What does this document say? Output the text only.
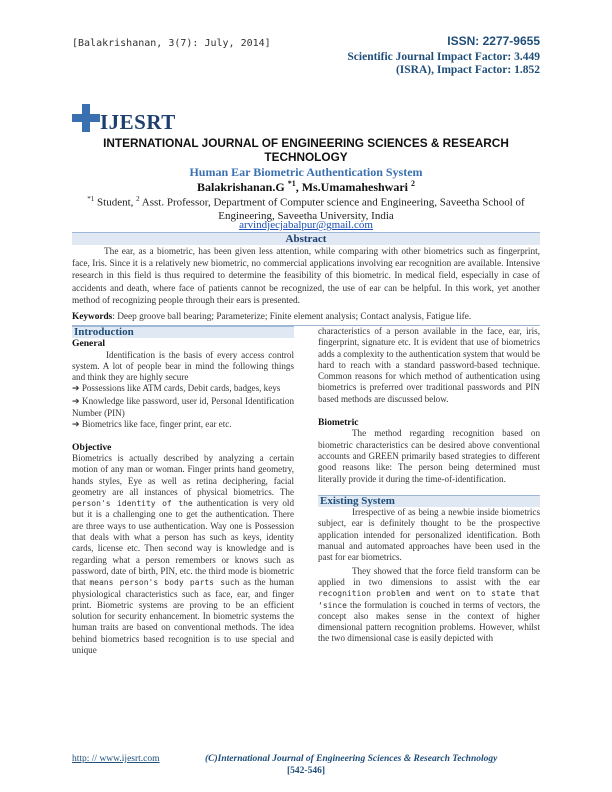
[Balakrishanan, 3(7): July, 2014]	ISSN: 2277-9655
Scientific Journal Impact Factor: 3.449
(ISRA), Impact Factor: 1.852
IJESRT
INTERNATIONAL JOURNAL OF ENGINEERING SCIENCES & RESEARCH TECHNOLOGY
Human Ear Biometric Authentication System
Balakrishanan.G $^{*1}$, Ms.Umamaheshwari $^2$
$^{*1}$ Student, $^2$ Asst. Professor, Department of Computer science and Engineering, Saveetha School of Engineering, Saveetha University, India
arvindjecjabalpur@gmail.com
Abstract
The ear, as a biometric, has been given less attention, while comparing with other biometrics such as fingerprint, face, Iris. Since it is a relatively new biometric, no commercial applications involving ear recognition are available. Intensive research in this field is thus required to determine the feasibility of this biometric. In medical field, especially in case of accidents and death, where face of patients cannot be recognized, the use of ear can be helpful. In this work, yet another method of recognizing people through their ears is presented.
Keywords: Deep groove ball bearing; Parameterize; Finite element analysis; Contact analysis, Fatigue life.
Introduction
General

Identification is the basis of every access control system. A lot of people bear in mind the following things and think they are highly secure

➔ Possessions like ATM cards, Debit cards, badges, keys

➔ Knowledge like password, user id, Personal Identification Number (PIN)

➔ Biometrics like face, finger print, ear etc.

Objective

Biometrics is actually described by analyzing a certain motion of any man or woman. Finger prints hand geometry, hands styles, Eye as well as retina deciphering, facial geometry are all instances of physical biometrics. The person's identity of the authentication is very old but it is a challenging one to get the authentication. There are three ways to use authentication. Way one is Possession that deals with what a person has such as keys, identity cards, license etc. Then second way is knowledge and is regarding what a person remembers or knows such as password, date of birth, PIN, etc. the third mode is biometric that means person's body parts such as the human physiological characteristics such as face, ear, and finger print. Biometric systems are proving to be an efficient solution for security enhancement. In biometric systems the human traits are based on conventional methods. The idea behind biometrics based recognition is to use special and unique

characteristics of a person available in the face, ear, iris, fingerprint, signature etc. It is evident that use of biometrics adds a complexity to the authentication system that would be hard to reach with a standard password-based technique. Common reasons for which method of authentication using biometrics is preferred over traditional passwords and PIN based methods are discussed below.

Biometric

The method regarding recognition based on biometric characteristics can be desired above conventional accounts and GREEN primarily based strategies to different good reasons like: The person being determined must literally provide it during the time-of-identification.

Existing System

Irrespective of as being a newbie inside biometrics subject, ear is definitely thought to be the prospective application intended for personalized identification. Both manual and automated approaches have been used in the past for ear biometrics.

They showed that the force field transform can be applied in two dimensions to assist with the ear recognition problem and went on to state that ‘since the formulation is couched in terms of vectors, the concept also makes sense in the context of higher dimensional pattern recognition problems. However, whilst the two dimensional case is easily depicted with

http: // www.ijesrt.com	(C)International Journal of Engineering Sciences & Research Technology
[542-546]
